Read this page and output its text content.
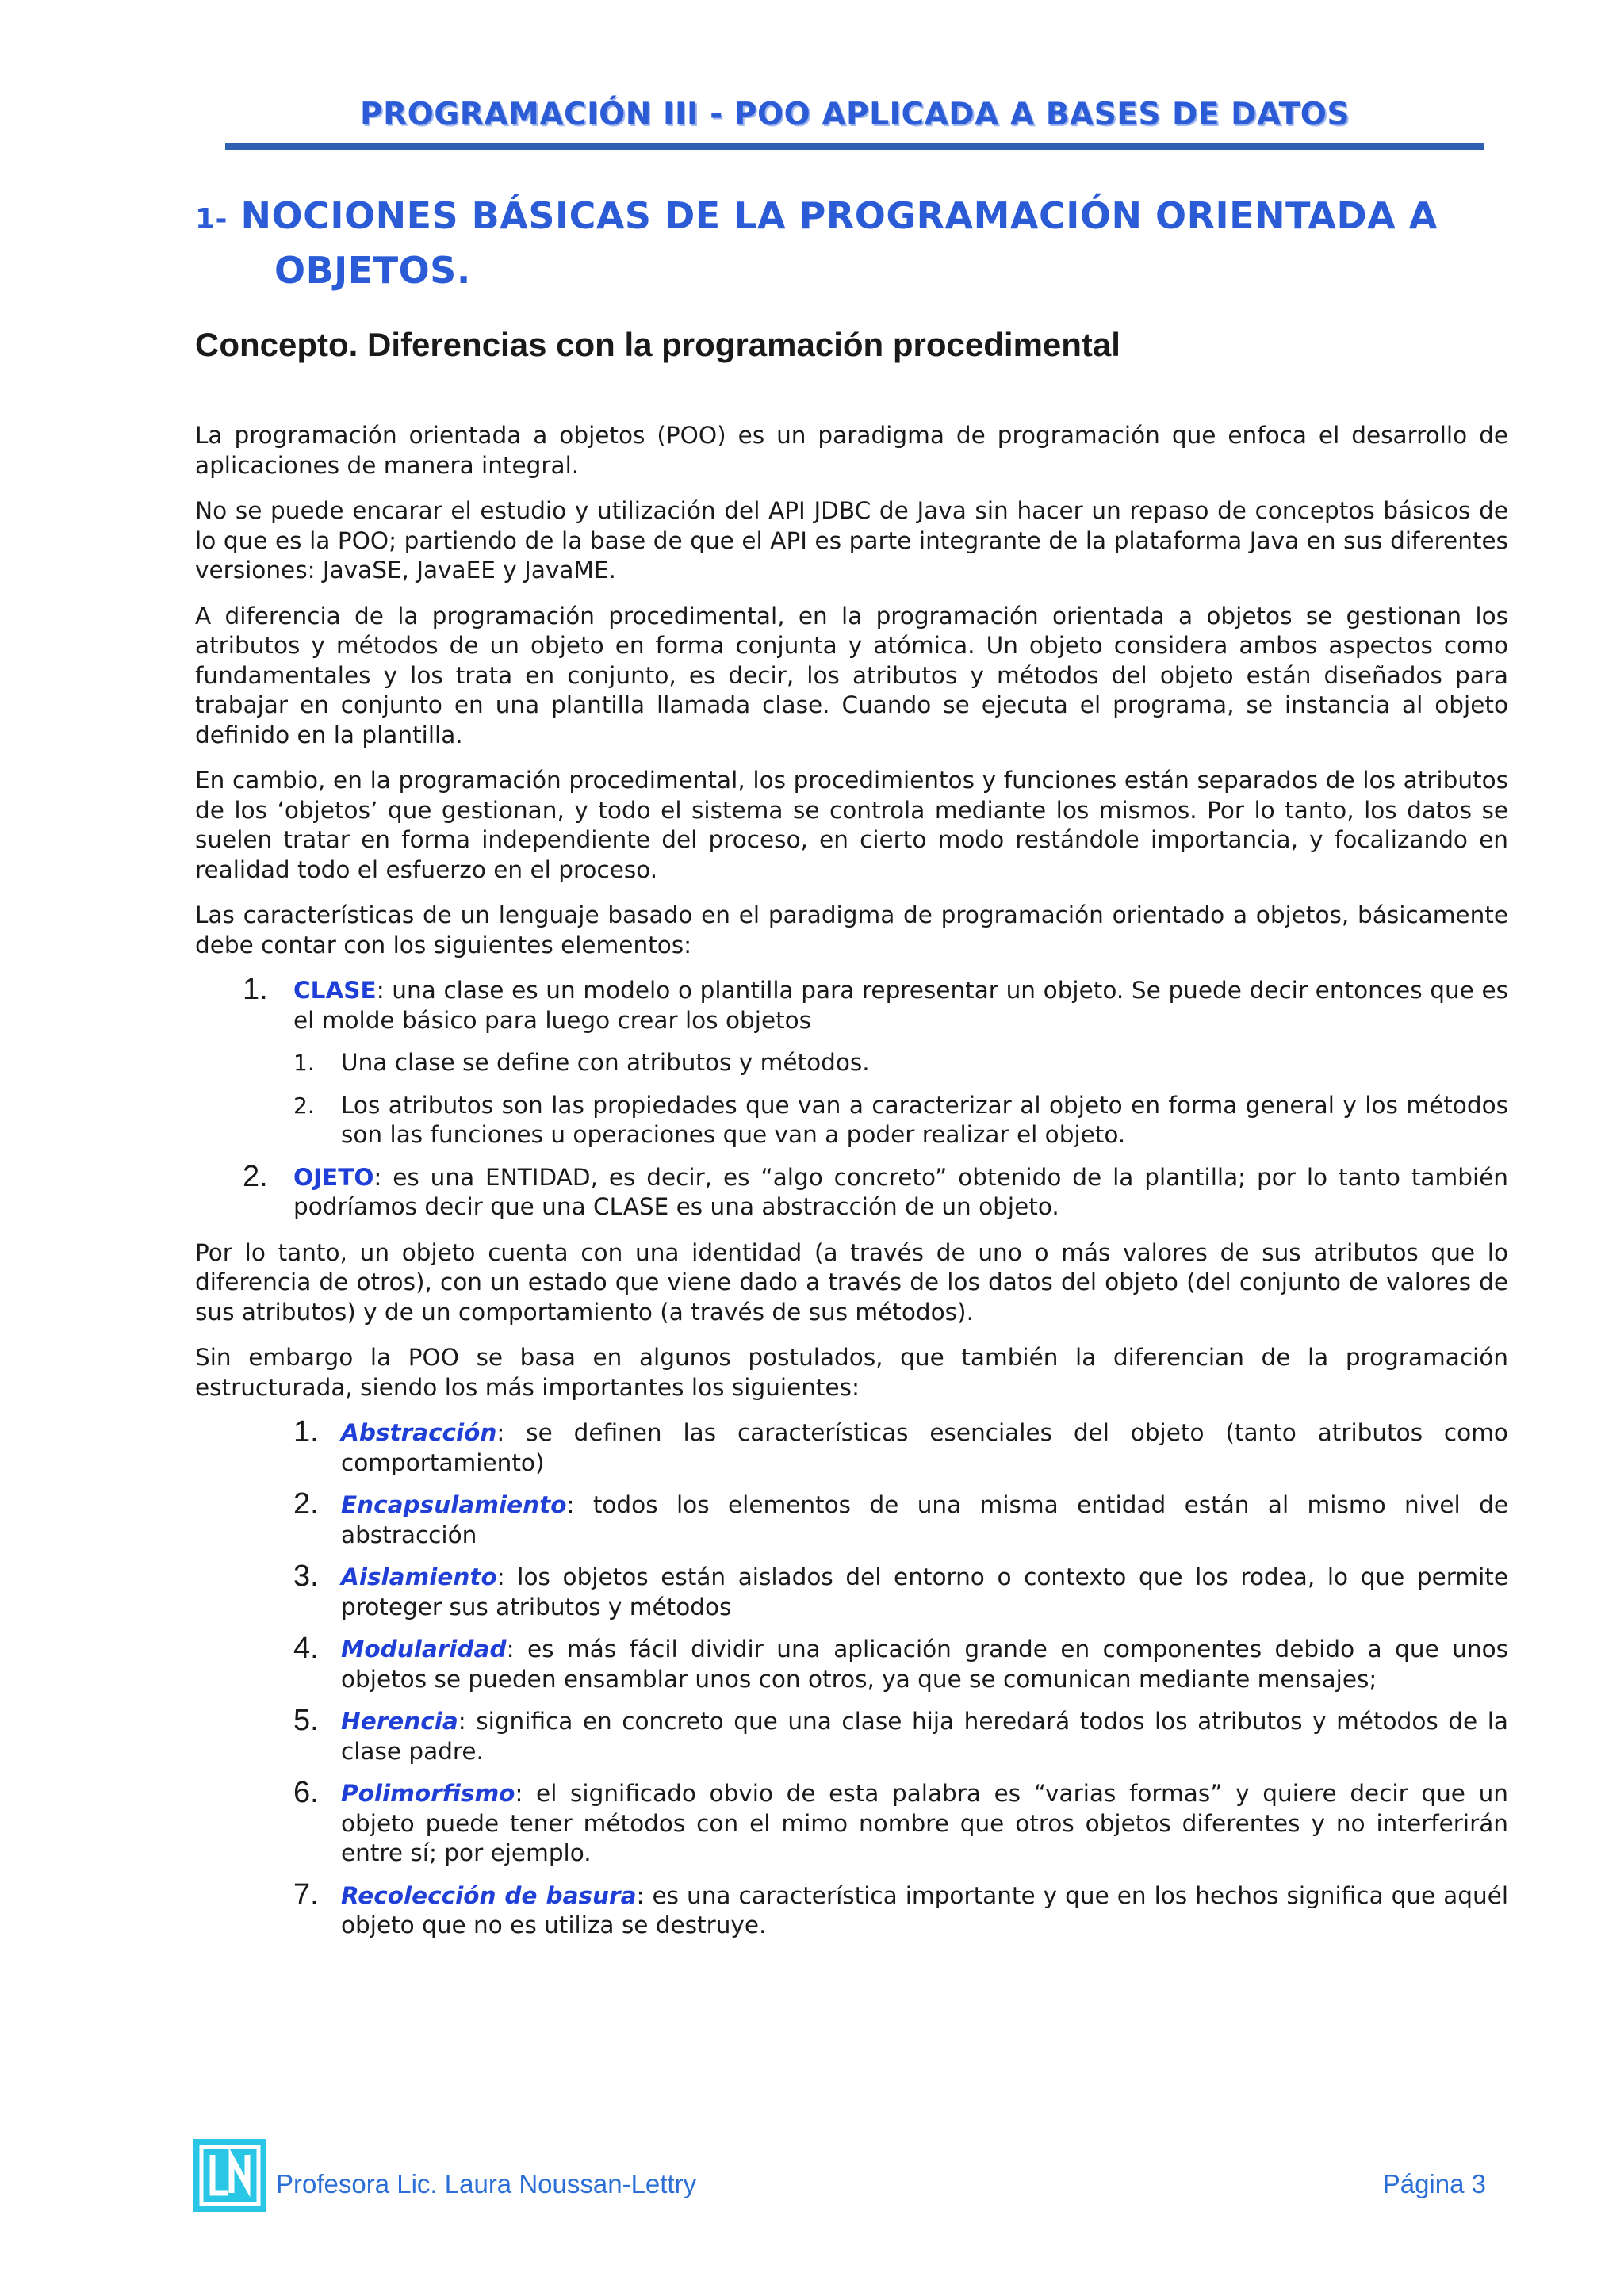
PROGRAMACIÓN III - POO APLICADA A BASES DE DATOS
1- NOCIONES BÁSICAS DE LA PROGRAMACIÓN ORIENTADA A OBJETOS.
Concepto. Diferencias con la programación procedimental

La programación orientada a objetos (POO) es un paradigma de programación que enfoca el desarrollo de aplicaciones de manera integral.

No se puede encarar el estudio y utilización del API JDBC de Java sin hacer un repaso de conceptos básicos de lo que es la POO; partiendo de la base de que el API es parte integrante de la plataforma Java en sus diferentes versiones: JavaSE, JavaEE y JavaME.

A diferencia de la programación procedimental, en la programación orientada a objetos se gestionan los atributos y métodos de un objeto en forma conjunta y atómica. Un objeto considera ambos aspectos como fundamentales y los trata en conjunto, es decir, los atributos y métodos del objeto están diseñados para trabajar en conjunto en una plantilla llamada clase. Cuando se ejecuta el programa, se instancia al objeto definido en la plantilla.

En cambio, en la programación procedimental, los procedimientos y funciones están separados de los atributos de los ‘objetos’ que gestionan, y todo el sistema se controla mediante los mismos. Por lo tanto, los datos se suelen tratar en forma independiente del proceso, en cierto modo restándole importancia, y focalizando en realidad todo el esfuerzo en el proceso.

Las características de un lenguaje basado en el paradigma de programación orientado a objetos, básicamente debe contar con los siguientes elementos:

1. CLASE: una clase es un modelo o plantilla para representar un objeto. Se puede decir entonces que es el molde básico para luego crear los objetos
1. Una clase se define con atributos y métodos.
2. Los atributos son las propiedades que van a caracterizar al objeto en forma general y los métodos son las funciones u operaciones que van a poder realizar el objeto.
2. OJETO: es una ENTIDAD, es decir, es “algo concreto” obtenido de la plantilla; por lo tanto también podríamos decir que una CLASE es una abstracción de un objeto.

Por lo tanto, un objeto cuenta con una identidad (a través de uno o más valores de sus atributos que lo diferencia de otros), con un estado que viene dado a través de los datos del objeto (del conjunto de valores de sus atributos) y de un comportamiento (a través de sus métodos).

Sin embargo la POO se basa en algunos postulados, que también la diferencian de la programación estructurada, siendo los más importantes los siguientes:

1. Abstracción: se definen las características esenciales del objeto (tanto atributos como comportamiento)
2. Encapsulamiento: todos los elementos de una misma entidad están al mismo nivel de abstracción
3. Aislamiento: los objetos están aislados del entorno o contexto que los rodea, lo que permite proteger sus atributos y métodos
4. Modularidad: es más fácil dividir una aplicación grande en componentes debido a que unos objetos se pueden ensamblar unos con otros, ya que se comunican mediante mensajes;
5. Herencia: significa en concreto que una clase hija heredará todos los atributos y métodos de la clase padre.
6. Polimorfismo: el significado obvio de esta palabra es “varias formas” y quiere decir que un objeto puede tener métodos con el mimo nombre que otros objetos diferentes y no interferirán entre sí; por ejemplo.
7. Recolección de basura: es una característica importante y que en los hechos significa que aquél objeto que no es utiliza se destruye.
Profesora Lic. Laura Noussan-Lettry	Página 3
